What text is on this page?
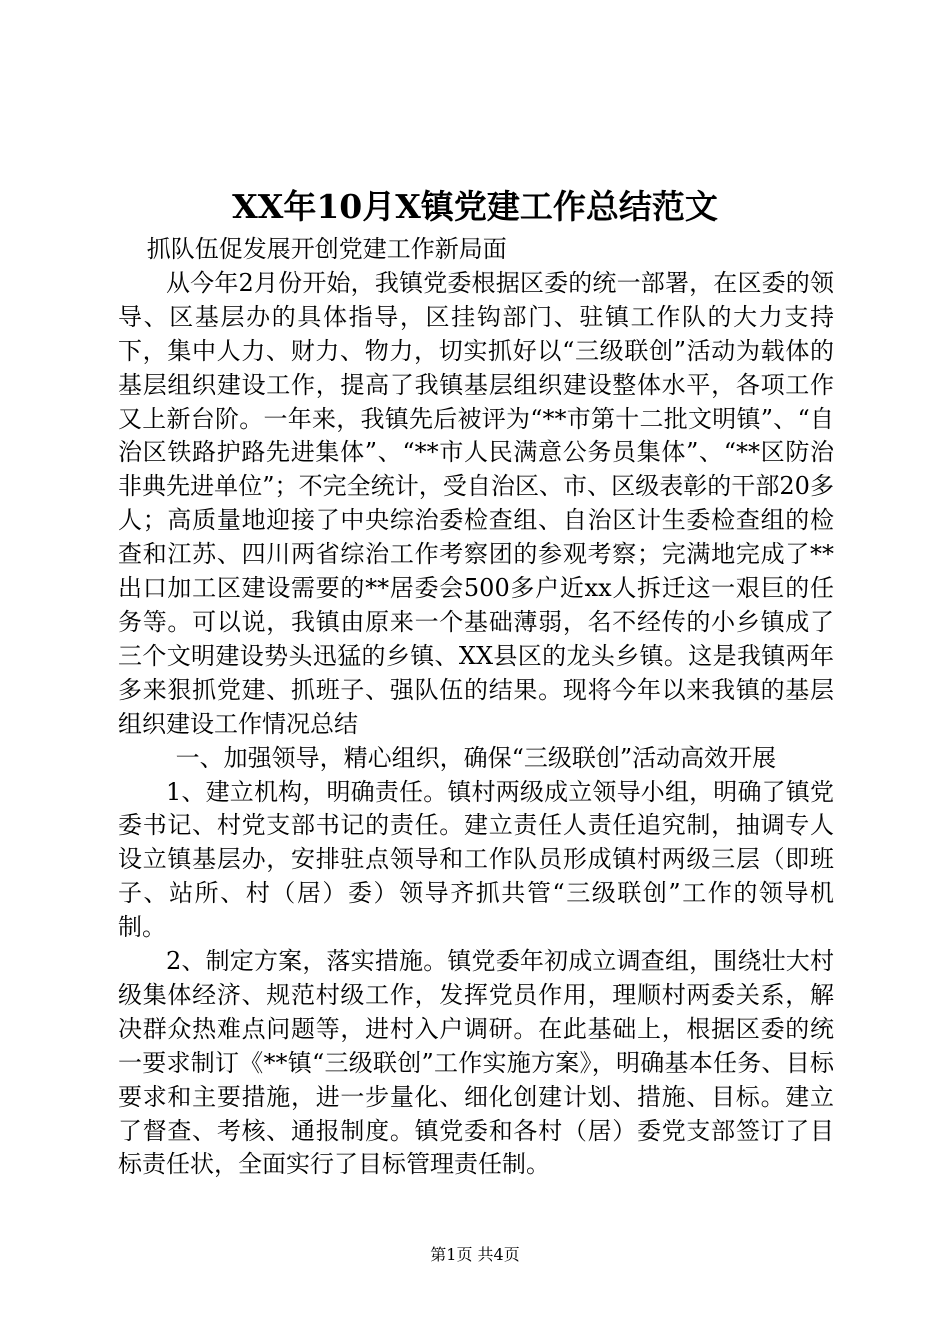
XX年10月X镇党建工作总结范文

抓队伍促发展开创党建工作新局面

从今年2月份开始，我镇党委根据区委的统一部署，在区委的领导、区基层办的具体指导，区挂钩部门、驻镇工作队的大力支持下，集中人力、财力、物力，切实抓好以“三级联创”活动为载体的基层组织建设工作，提高了我镇基层组织建设整体水平，各项工作又上新台阶。一年来，我镇先后被评为“**市第十二批文明镇”、“自治区铁路护路先进集体”、“**市人民满意公务员集体”、“**区防治非典先进单位”；不完全统计，受自治区、市、区级表彰的干部20多人；高质量地迎接了中央综治委检查组、自治区计生委检查组的检查和江苏、四川两省综治工作考察团的参观考察；完满地完成了**出口加工区建设需要的**居委会500多户近xx人拆迁这一艰巨的任务等。可以说，我镇由原来一个基础薄弱，名不经传的小乡镇成了三个文明建设势头迅猛的乡镇、XX县区的龙头乡镇。这是我镇两年多来狠抓党建、抓班子、强队伍的结果。现将今年以来我镇的基层组织建设工作情况总结

一、加强领导，精心组织，确保“三级联创”活动高效开展

1、建立机构，明确责任。镇村两级成立领导小组，明确了镇党委书记、村党支部书记的责任。建立责任人责任追究制，抽调专人设立镇基层办，安排驻点领导和工作队员形成镇村两级三层（即班子、站所、村（居）委）领导齐抓共管“三级联创”工作的领导机制。

2、制定方案，落实措施。镇党委年初成立调查组，围绕壮大村级集体经济、规范村级工作，发挥党员作用，理顺村两委关系，解决群众热难点问题等，进村入户调研。在此基础上，根据区委的统一要求制订《**镇“三级联创”工作实施方案》，明确基本任务、目标要求和主要措施，进一步量化、细化创建计划、措施、目标。建立了督查、考核、通报制度。镇党委和各村（居）委党支部签订了目标责任状，全面实行了目标管理责任制。

第1页 共4页
